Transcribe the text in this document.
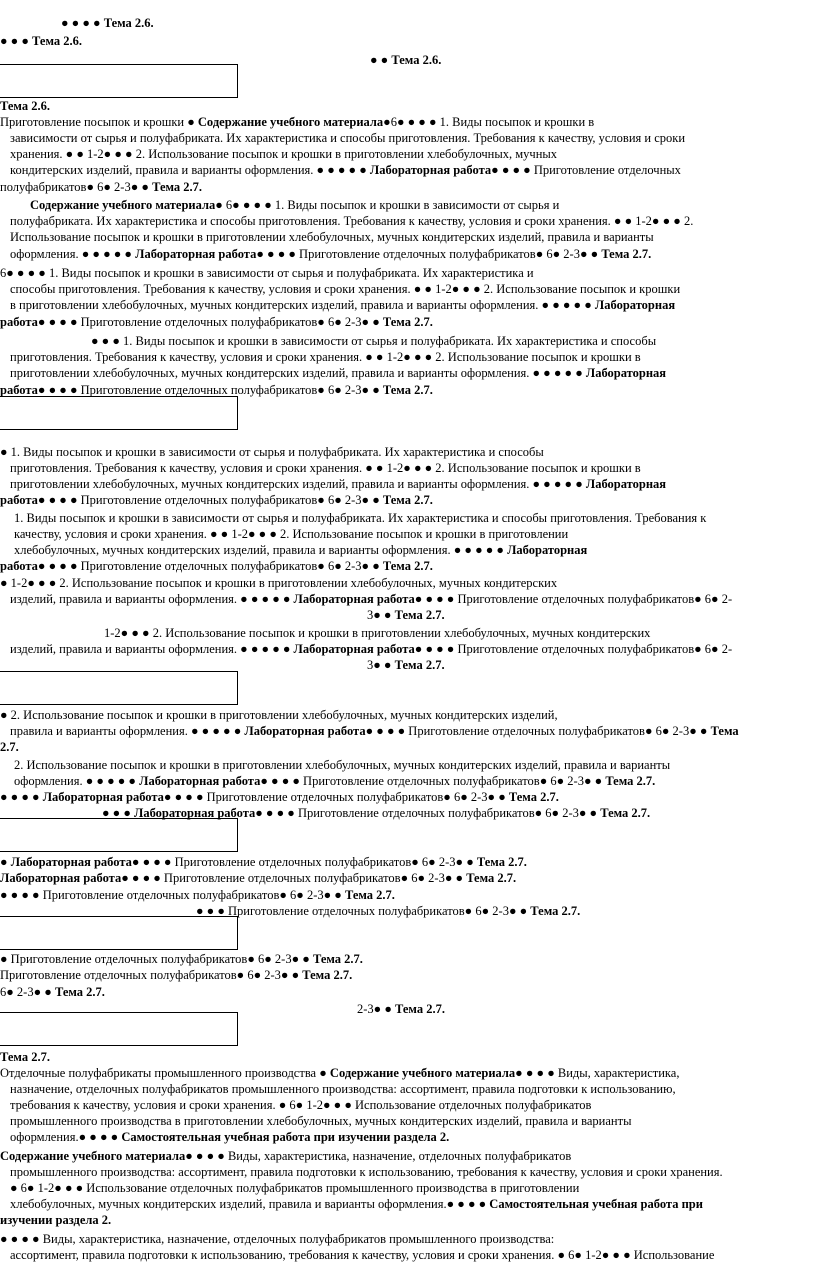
● ● ● ● Тема 2.6.
● ● ● Тема 2.6.
● ● Тема 2.6.
Тема 2.6.
Приготовление посыпок и крошки ● Содержание учебного материала●6● ● ● ● 1. Виды посыпок и крошки в
зависимости от сырья и полуфабриката. Их характеристика и способы приготовления. Требования к качеству, условия и сроки
хранения. ● ● 1-2● ● ● 2. Использование посыпок и крошки в приготовлении хлебобулочных, мучных
кондитерских изделий, правила и варианты оформления. ● ● ● ● ● Лабораторная работа● ● ● ● Приготовление отделочных
полуфабрикатов● 6● 2-3● ● Тема 2.7.
Содержание учебного материала● 6● ● ● ● 1. Виды посыпок и крошки в зависимости от сырья и
полуфабриката. Их характеристика и способы приготовления. Требования к качеству, условия и сроки хранения. ● ● 1-2● ● ● 2.
Использование посыпок и крошки в приготовлении хлебобулочных, мучных кондитерских изделий, правила и варианты
оформления. ● ● ● ● ● Лабораторная работа● ● ● ● Приготовление отделочных полуфабрикатов● 6● 2-3● ● Тема 2.7.
6● ● ● ● 1. Виды посыпок и крошки в зависимости от сырья и полуфабриката. Их характеристика и
способы приготовления. Требования к качеству, условия и сроки хранения. ● ● 1-2● ● ● 2. Использование посыпок и крошки
в приготовлении хлебобулочных, мучных кондитерских изделий, правила и варианты оформления. ● ● ● ● ● Лабораторная
работа● ● ● ● Приготовление отделочных полуфабрикатов● 6● 2-3● ● Тема 2.7.
● ● ● 1. Виды посыпок и крошки в зависимости от сырья и полуфабриката. Их характеристика и способы
приготовления. Требования к качеству, условия и сроки хранения. ● ● 1-2● ● ● 2. Использование посыпок и крошки в
приготовлении хлебобулочных, мучных кондитерских изделий, правила и варианты оформления. ● ● ● ● ● Лабораторная
работа● ● ● ● Приготовление отделочных полуфабрикатов● 6● 2-3● ● Тема 2.7.
● 1. Виды посыпок и крошки в зависимости от сырья и полуфабриката. Их характеристика и способы
приготовления. Требования к качеству, условия и сроки хранения. ● ● 1-2● ● ● 2. Использование посыпок и крошки в
приготовлении хлебобулочных, мучных кондитерских изделий, правила и варианты оформления. ● ● ● ● ● Лабораторная
работа● ● ● ● Приготовление отделочных полуфабрикатов● 6● 2-3● ● Тема 2.7.
1. Виды посыпок и крошки в зависимости от сырья и полуфабриката. Их характеристика и способы приготовления. Требования к
качеству, условия и сроки хранения. ● ● 1-2● ● ● 2. Использование посыпок и крошки в приготовлении
хлебобулочных, мучных кондитерских изделий, правила и варианты оформления. ● ● ● ● ● Лабораторная
работа● ● ● ● Приготовление отделочных полуфабрикатов● 6● 2-3● ● Тема 2.7.
● 1-2● ● ● 2. Использование посыпок и крошки в приготовлении хлебобулочных, мучных кондитерских
изделий, правила и варианты оформления. ● ● ● ● ● Лабораторная работа● ● ● ● Приготовление отделочных полуфабрикатов● 6● 2-
3● ● Тема 2.7.
1-2● ● ● 2. Использование посыпок и крошки в приготовлении хлебобулочных, мучных кондитерских
изделий, правила и варианты оформления. ● ● ● ● ● Лабораторная работа● ● ● ● Приготовление отделочных полуфабрикатов● 6● 2-
3● ● Тема 2.7.
● 2. Использование посыпок и крошки в приготовлении хлебобулочных, мучных кондитерских изделий,
правила и варианты оформления. ● ● ● ● ● Лабораторная работа● ● ● ● Приготовление отделочных полуфабрикатов● 6● 2-3● ● Тема
2.7.
2. Использование посыпок и крошки в приготовлении хлебобулочных, мучных кондитерских изделий, правила и варианты
оформления. ● ● ● ● ● Лабораторная работа● ● ● ● Приготовление отделочных полуфабрикатов● 6● 2-3● ● Тема 2.7.
● ● ● ● Лабораторная работа● ● ● ● Приготовление отделочных полуфабрикатов● 6● 2-3● ● Тема 2.7.
● ● ● Лабораторная работа● ● ● ● Приготовление отделочных полуфабрикатов● 6● 2-3● ● Тема 2.7.
● Лабораторная работа● ● ● ● Приготовление отделочных полуфабрикатов● 6● 2-3● ● Тема 2.7.
Лабораторная работа● ● ● ● Приготовление отделочных полуфабрикатов● 6● 2-3● ● Тема 2.7.
● ● ● ● Приготовление отделочных полуфабрикатов● 6● 2-3● ● Тема 2.7.
● ● ● Приготовление отделочных полуфабрикатов● 6● 2-3● ● Тема 2.7.
● Приготовление отделочных полуфабрикатов● 6● 2-3● ● Тема 2.7.
Приготовление отделочных полуфабрикатов● 6● 2-3● ● Тема 2.7.
6● 2-3● ● Тема 2.7.
2-3● ● Тема 2.7.
Тема 2.7.
Отделочные полуфабрикаты промышленного производства ● Содержание учебного материала● ● ● ● Виды, характеристика,
назначение, отделочных полуфабрикатов промышленного производства: ассортимент, правила подготовки к использованию,
требования к качеству, условия и сроки хранения. ● 6● 1-2● ● ● Использование отделочных полуфабрикатов
промышленного производства в приготовлении хлебобулочных, мучных кондитерских изделий, правила и варианты
оформления.● ● ● ● Самостоятельная учебная работа при изучении раздела 2.
Содержание учебного материала● ● ● ● Виды, характеристика, назначение, отделочных полуфабрикатов
промышленного производства: ассортимент, правила подготовки к использованию, требования к качеству, условия и сроки хранения.
● 6● 1-2● ● ● Использование отделочных полуфабрикатов промышленного производства в приготовлении
хлебобулочных, мучных кондитерских изделий, правила и варианты оформления.● ● ● ● Самостоятельная учебная работа при
изучении раздела 2.
● ● ● ● Виды, характеристика, назначение, отделочных полуфабрикатов промышленного производства:
ассортимент, правила подготовки к использованию, требования к качеству, условия и сроки хранения. ● 6● 1-2● ● ● Использование
